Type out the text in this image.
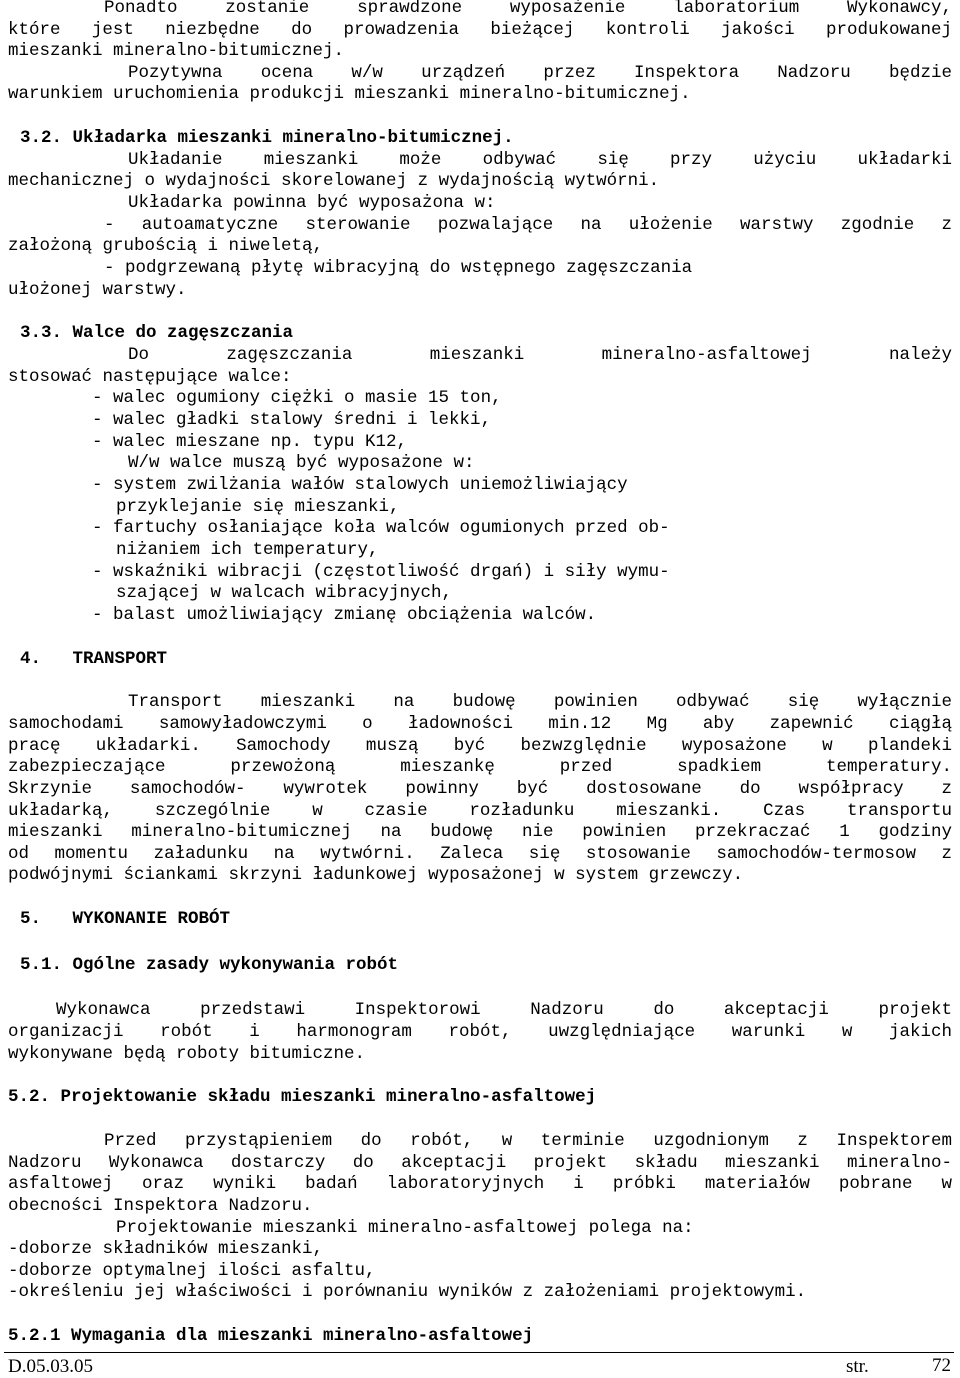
Ponadto zostanie sprawdzone wyposażenie laboratorium Wykonawcy,
które jest niezbędne do prowadzenia bieżącej kontroli jakości produkowanej
mieszanki mineralno-bitumicznej.
Pozytywna ocena w/w urządzeń przez Inspektora Nadzoru będzie
warunkiem uruchomienia produkcji mieszanki mineralno-bitumicznej.
3.2. Układarka mieszanki mineralno-bitumicznej.
Układanie mieszanki może odbywać się przy użyciu układarki
mechanicznej o wydajności skorelowanej z wydajnością wytwórni.
Układarka powinna być wyposażona w:
- autoamatyczne sterowanie pozwalające na ułożenie warstwy zgodnie z
założoną grubością i niweletą,
- podgrzewaną płytę wibracyjną do wstępnego zagęszczania
ułożonej warstwy.
3.3. Walce do zagęszczania
Do zagęszczania mieszanki mineralno-asfaltowej należy
stosować następujące walce:
- walec ogumiony ciężki o masie 15 ton,
- walec gładki stalowy średni i lekki,
- walec mieszane np. typu K12,
W/w walce muszą być wyposażone w:
- system zwilżania wałów stalowych uniemożliwiający
przyklejanie się mieszanki,
- fartuchy osłaniające koła walców ogumionych przed ob-
niżaniem ich temperatury,
- wskaźniki wibracji (częstotliwość drgań) i siły wymu-
szającej w walcach wibracyjnych,
- balast umożliwiający zmianę obciążenia walców.
4.   TRANSPORT
Transport mieszanki na budowę powinien odbywać się wyłącznie
samochodami samowyładowczymi o ładowności min.12 Mg aby zapewnić ciągłą
pracę układarki. Samochody muszą być bezwzględnie wyposażone w plandeki
zabezpieczające przewożoną mieszankę przed spadkiem temperatury.
Skrzynie samochodów- wywrotek powinny być dostosowane do współpracy z
układarką, szczególnie w czasie rozładunku mieszanki. Czas transportu
mieszanki mineralno-bitumicznej na budowę nie powinien przekraczać 1 godziny
od momentu załadunku na wytwórni. Zaleca się stosowanie samochodów-termosow z
podwójnymi ściankami skrzyni ładunkowej wyposażonej w system grzewczy.
5.   WYKONANIE ROBÓT
5.1. Ogólne zasady wykonywania robót
Wykonawca przedstawi Inspektorowi Nadzoru do akceptacji projekt
organizacji robót i harmonogram robót, uwzględniające warunki w jakich
wykonywane będą roboty bitumiczne.
5.2. Projektowanie składu mieszanki mineralno-asfaltowej
Przed przystąpieniem do robót, w terminie uzgodnionym z Inspektorem
Nadzoru Wykonawca dostarczy do akceptacji projekt składu mieszanki mineralno-
asfaltowej oraz wyniki badań laboratoryjnych i próbki materiałów pobrane w
obecności Inspektora Nadzoru.
Projektowanie mieszanki mineralno-asfaltowej polega na:
-doborze składników mieszanki,
-doborze optymalnej ilości asfaltu,
-określeniu jej właściwości i porównaniu wyników z założeniami projektowymi.
5.2.1 Wymagania dla mieszanki mineralno-asfaltowej
D.05.03.05	str.	72
